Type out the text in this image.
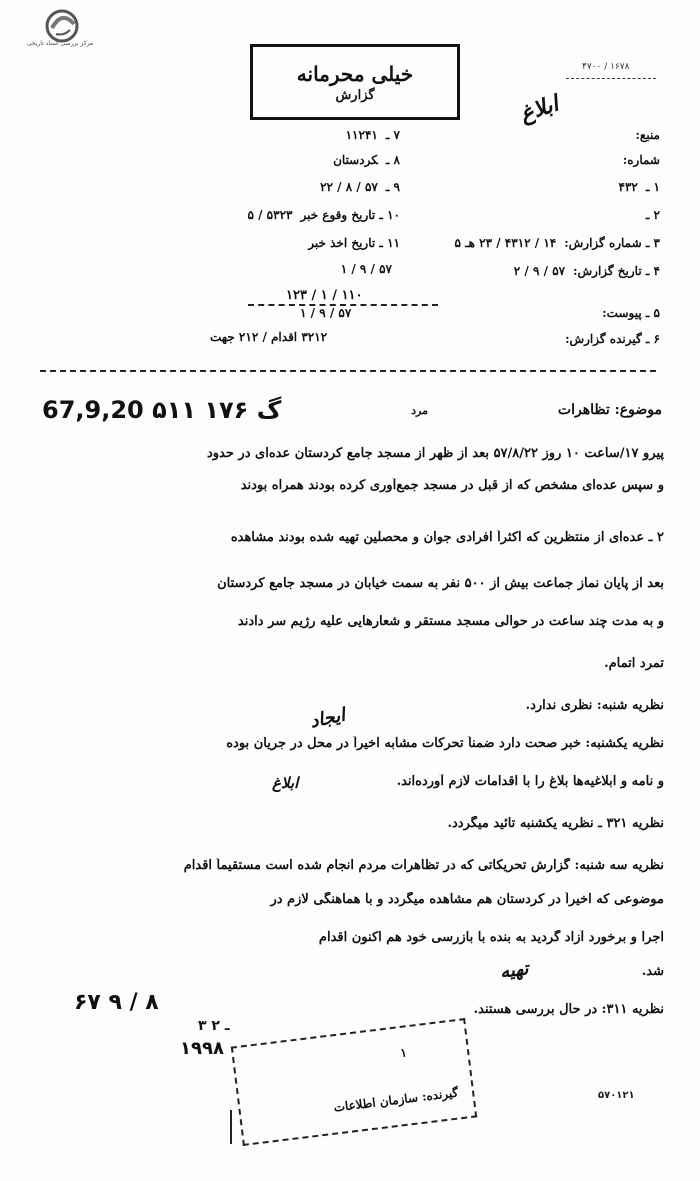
مرکز بررسی اسناد تاریخی
خیلی محرمانه
گزارش
۴۷۰۰ / ۱۶۷۸
منبع:
شماره:
۱ ـ۴۳۲
۲ ـ
۳ ـ شماره گزارش:۱۴ / ۴۳۱۲ / ۲۳ هـ ۵
۴ ـ تاریخ گزارش:۵۷ / ۹ / ۲
۵ ـ پیوست:
۶ ـ گیرنده گزارش:
۷ ـ۱۱۲۴۱
۸ ـکردستان
۹ ـ۵۷ / ۸ / ۲۲
۱۰ ـ تاریخ وقوع خبر۵۳۲۳ / ۵
۱۱ ـ تاریخ اخذ خبر
۵۷ / ۹ / ۱
۱۱۰ / ۱ / ۱۲۳
۵۷ / ۹ / ۱
۳۲۱۲ اقدام / ۲۱۲ جهت
موضوع: تظاهرات
مرد
67,9,20 ۵۱۱ ۱۷۶ گ
پیرو ۱۷/ساعت ۱۰ روز ۵۷/۸/۲۲ بعد از ظهر از مسجد جامع کردستان عده‌ای در حدود
و سپس عده‌ای مشخص که از قبل در مسجد جمع‌آوری کرده بودند همراه بودند
۲ ـ عده‌ای از منتظرین که اکثراً افرادی جوان و محصلین تهیه شده بودند مشاهده
بعد از پایان نماز جماعت بیش از ۵۰۰ نفر به سمت خیابان در مسجد جامع کردستان
و به مدت چند ساعت در حوالی مسجد مستقر و شعارهایی علیه رژیم سر دادند
تمرد اتمام.
نظریه شنبه: نظری ندارد.
نظریه یکشنبه: خبر صحت دارد ضمناً تحرکات مشابه اخیراً در محل در جریان بوده
و نامه و ابلاغیه‌ها بلاغ را با اقدامات لازم آورده‌اند.
نظریه ۳۲۱ ـ نظریه یکشنبه تائید میگردد.
نظریه سه شنبه: گزارش تحریکاتی که در تظاهرات مردم انجام شده است مستقیماً اقدام
موضوعی که اخیراً در کردستان هم مشاهده میگردد و با هماهنگی لازم در
اجرا و برخورد آزاد گردید به بنده با بازرسی خود هم اکنون اقدام
شد.
نظریه ۳۱۱: در حال بررسی هستند.
ابلاغ
ایجاد
ابلاغ
تهیه
۶۷ ۹ / ۸
۳ ـ ۲
۱۹۹۸	۱
گیرنده: سازمان اطلاعات	۵۷۰۱۲۱
